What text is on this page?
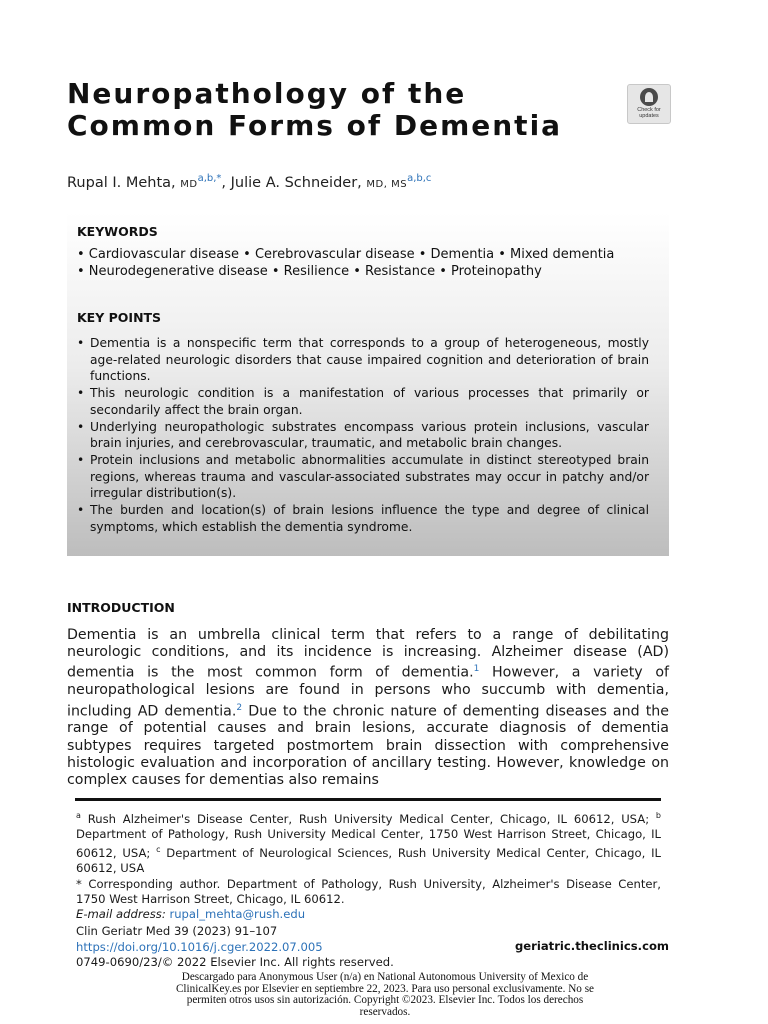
Neuropathology of the
Common Forms of Dementia	Check for
updates
Rupal I. Mehta, $MD^{a,b,*}$, Julie A. Schneider, MD, MS$^{a,b,c}$
KEYWORDS
• Cardiovascular disease • Cerebrovascular disease • Dementia • Mixed dementia
• Neurodegenerative disease • Resilience • Resistance • Proteinopathy
KEY POINTS
• Dementia is a nonspecific term that corresponds to a group of heterogeneous, mostly age-related neurologic disorders that cause impaired cognition and deterioration of brain functions.
• This neurologic condition is a manifestation of various processes that primarily or secondarily affect the brain organ.
• Underlying neuropathologic substrates encompass various protein inclusions, vascular brain injuries, and cerebrovascular, traumatic, and metabolic brain changes.
• Protein inclusions and metabolic abnormalities accumulate in distinct stereotyped brain regions, whereas trauma and vascular-associated substrates may occur in patchy and/or irregular distribution(s).
• The burden and location(s) of brain lesions influence the type and degree of clinical symptoms, which establish the dementia syndrome.
INTRODUCTION
Dementia is an umbrella clinical term that refers to a range of debilitating neurologic conditions, and its incidence is increasing. Alzheimer disease (AD) dementia is the most common form of dementia.$^1$ However, a variety of neuropathological lesions are found in persons who succumb with dementia, including AD dementia.$^2$ Due to the chronic nature of dementing diseases and the range of potential causes and brain lesions, accurate diagnosis of dementia subtypes requires targeted postmortem brain dissection with comprehensive histologic evaluation and incorporation of ancillary testing. However, knowledge on complex causes for dementias also remains
$^a$ Rush Alzheimer's Disease Center, Rush University Medical Center, Chicago, IL 60612, USA; $^b$ Department of Pathology, Rush University Medical Center, 1750 West Harrison Street, Chicago, IL 60612, USA; $^c$ Department of Neurological Sciences, Rush University Medical Center, Chicago, IL 60612, USA
* Corresponding author. Department of Pathology, Rush University, Alzheimer's Disease Center, 1750 West Harrison Street, Chicago, IL 60612.
E-mail address: rupal_mehta@rush.edu
Clin Geriatr Med 39 (2023) 91–107
https://doi.org/10.1016/j.cger.2022.07.005
0749-0690/23/© 2022 Elsevier Inc. All rights reserved.
geriatric.theclinics.com
Descargado para Anonymous User (n/a) en National Autonomous University of Mexico de
ClinicalKey.es por Elsevier en septiembre 22, 2023. Para uso personal exclusivamente. No se
permiten otros usos sin autorización. Copyright ©2023. Elsevier Inc. Todos los derechos
reservados.
